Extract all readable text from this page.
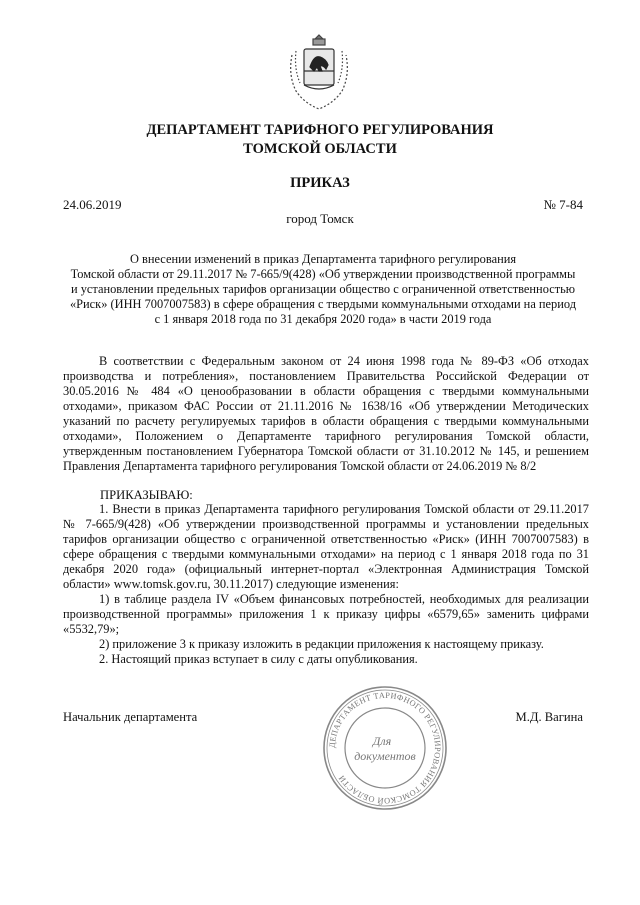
ДЕПАРТАМЕНТ ТАРИФНОГО РЕГУЛИРОВАНИЯ
ТОМСКОЙ ОБЛАСТИ
ПРИКАЗ
24.06.2019	№ 7-84
город Томск
О внесении изменений в приказ Департамента тарифного регулирования
Томской области от 29.11.2017 № 7-665/9(428) «Об утверждении производственной программы
и установлении предельных тарифов организации общество с ограниченной ответственностью
«Риск» (ИНН 7007007583) в сфере обращения с твердыми коммунальными отходами на период
с 1 января 2018 года по 31 декабря 2020 года» в части 2019 года

В соответствии с Федеральным законом от 24 июня 1998 года № 89-ФЗ «Об отходах производства и потребления», постановлением Правительства Российской Федерации от 30.05.2016 № 484 «О ценообразовании в области обращения с твердыми коммунальными отходами», приказом ФАС России от 21.11.2016 № 1638/16 «Об утверждении Методических указаний по расчету регулируемых тарифов в области обращения с твердыми коммунальными отходами», Положением о Департаменте тарифного регулирования Томской области, утвержденным постановлением Губернатора Томской области от 31.10.2012 № 145, и решением Правления Департамента тарифного регулирования Томской области от 24.06.2019 № 8/2

ПРИКАЗЫВАЮ:

1. Внести в приказ Департамента тарифного регулирования Томской области от 29.11.2017 № 7-665/9(428) «Об утверждении производственной программы и установлении предельных тарифов организации общество с ограниченной ответственностью «Риск» (ИНН 7007007583) в сфере обращения с твердыми коммунальными отходами» на период с 1 января 2018 года по 31 декабря 2020 года» (официальный интернет-портал «Электронная Администрация Томской области» www.tomsk.gov.ru, 30.11.2017) следующие изменения:

1) в таблице раздела IV «Объем финансовых потребностей, необходимых для реализации производственной программы» приложения 1 к приказу цифры «6579,65» заменить цифрами «5532,79»;

2) приложение 3 к приказу изложить в редакции приложения к настоящему приказу.

2. Настоящий приказ вступает в силу с даты опубликования.

Начальник департамента	М.Д. Вагина
ДЕПАРТАМЕНТ ТАРИФНОГО РЕГУЛИРОВАНИЯ ТОМСКОЙ ОБЛАСТИ
Для
документов
